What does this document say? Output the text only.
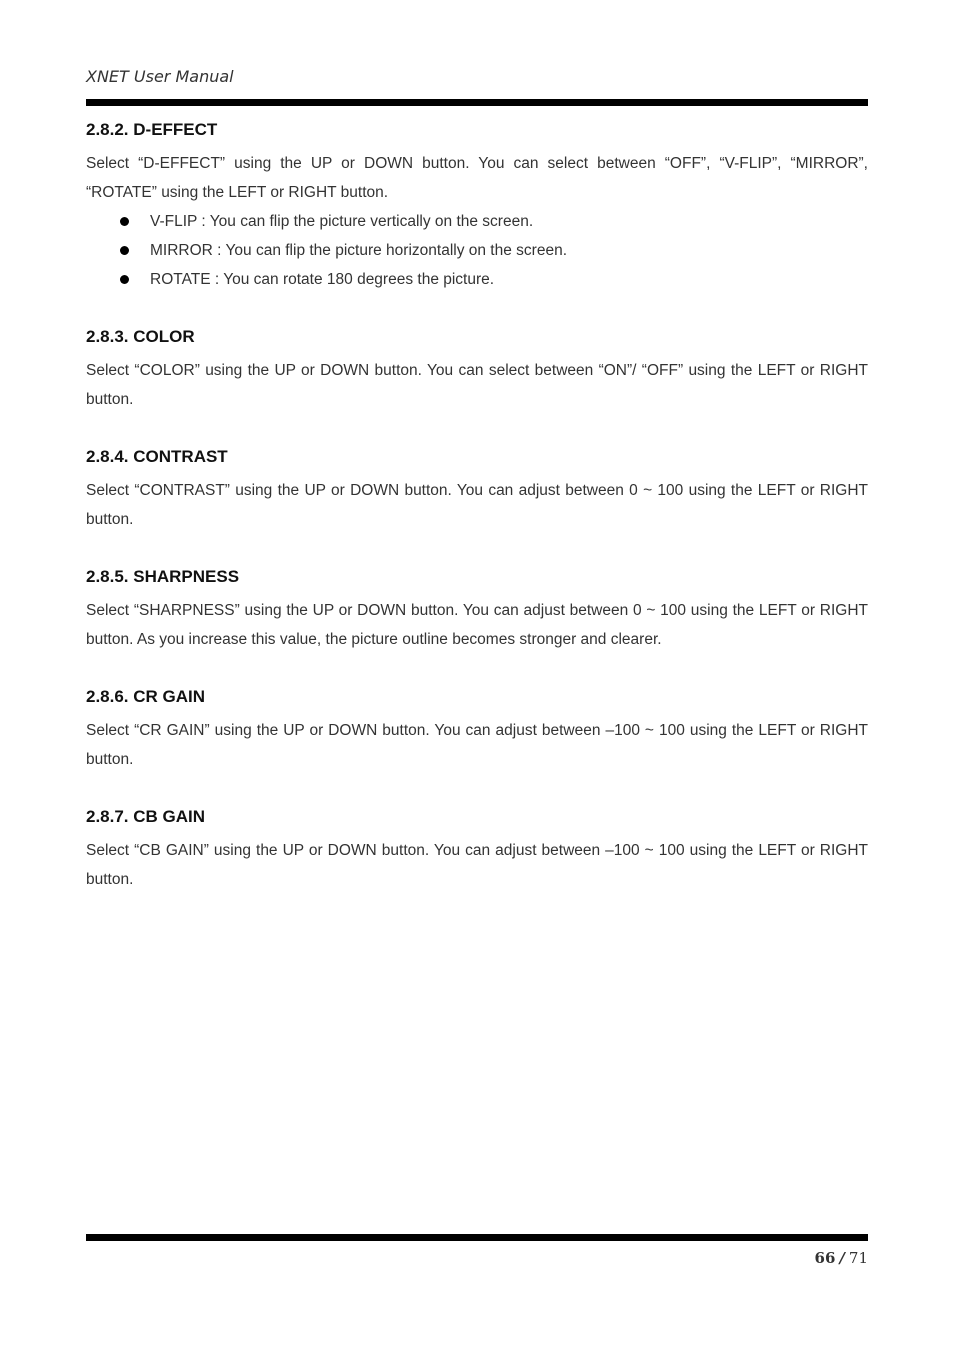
XNET User Manual
2.8.2. D-EFFECT

Select “D-EFFECT” using the UP or DOWN button. You can select between “OFF”, “V-FLIP”, “MIRROR”, “ROTATE” using the LEFT or RIGHT button.

V-FLIP : You can flip the picture vertically on the screen.
MIRROR : You can flip the picture horizontally on the screen.
ROTATE : You can rotate 180 degrees the picture.
2.8.3. COLOR

Select “COLOR” using the UP or DOWN button. You can select between “ON”/ “OFF” using the LEFT or RIGHT button.

2.8.4. CONTRAST

Select “CONTRAST” using the UP or DOWN button. You can adjust between 0 ~ 100 using the LEFT or RIGHT button.

2.8.5. SHARPNESS

Select “SHARPNESS” using the UP or DOWN button. You can adjust between 0 ~ 100 using the LEFT or RIGHT button. As you increase this value, the picture outline becomes stronger and clearer.

2.8.6. CR GAIN

Select “CR GAIN” using the UP or DOWN button. You can adjust between –100 ~ 100 using the LEFT or RIGHT button.

2.8.7. CB GAIN

Select “CB GAIN” using the UP or DOWN button. You can adjust between –100 ~ 100 using the LEFT or RIGHT button.

66 / 71
